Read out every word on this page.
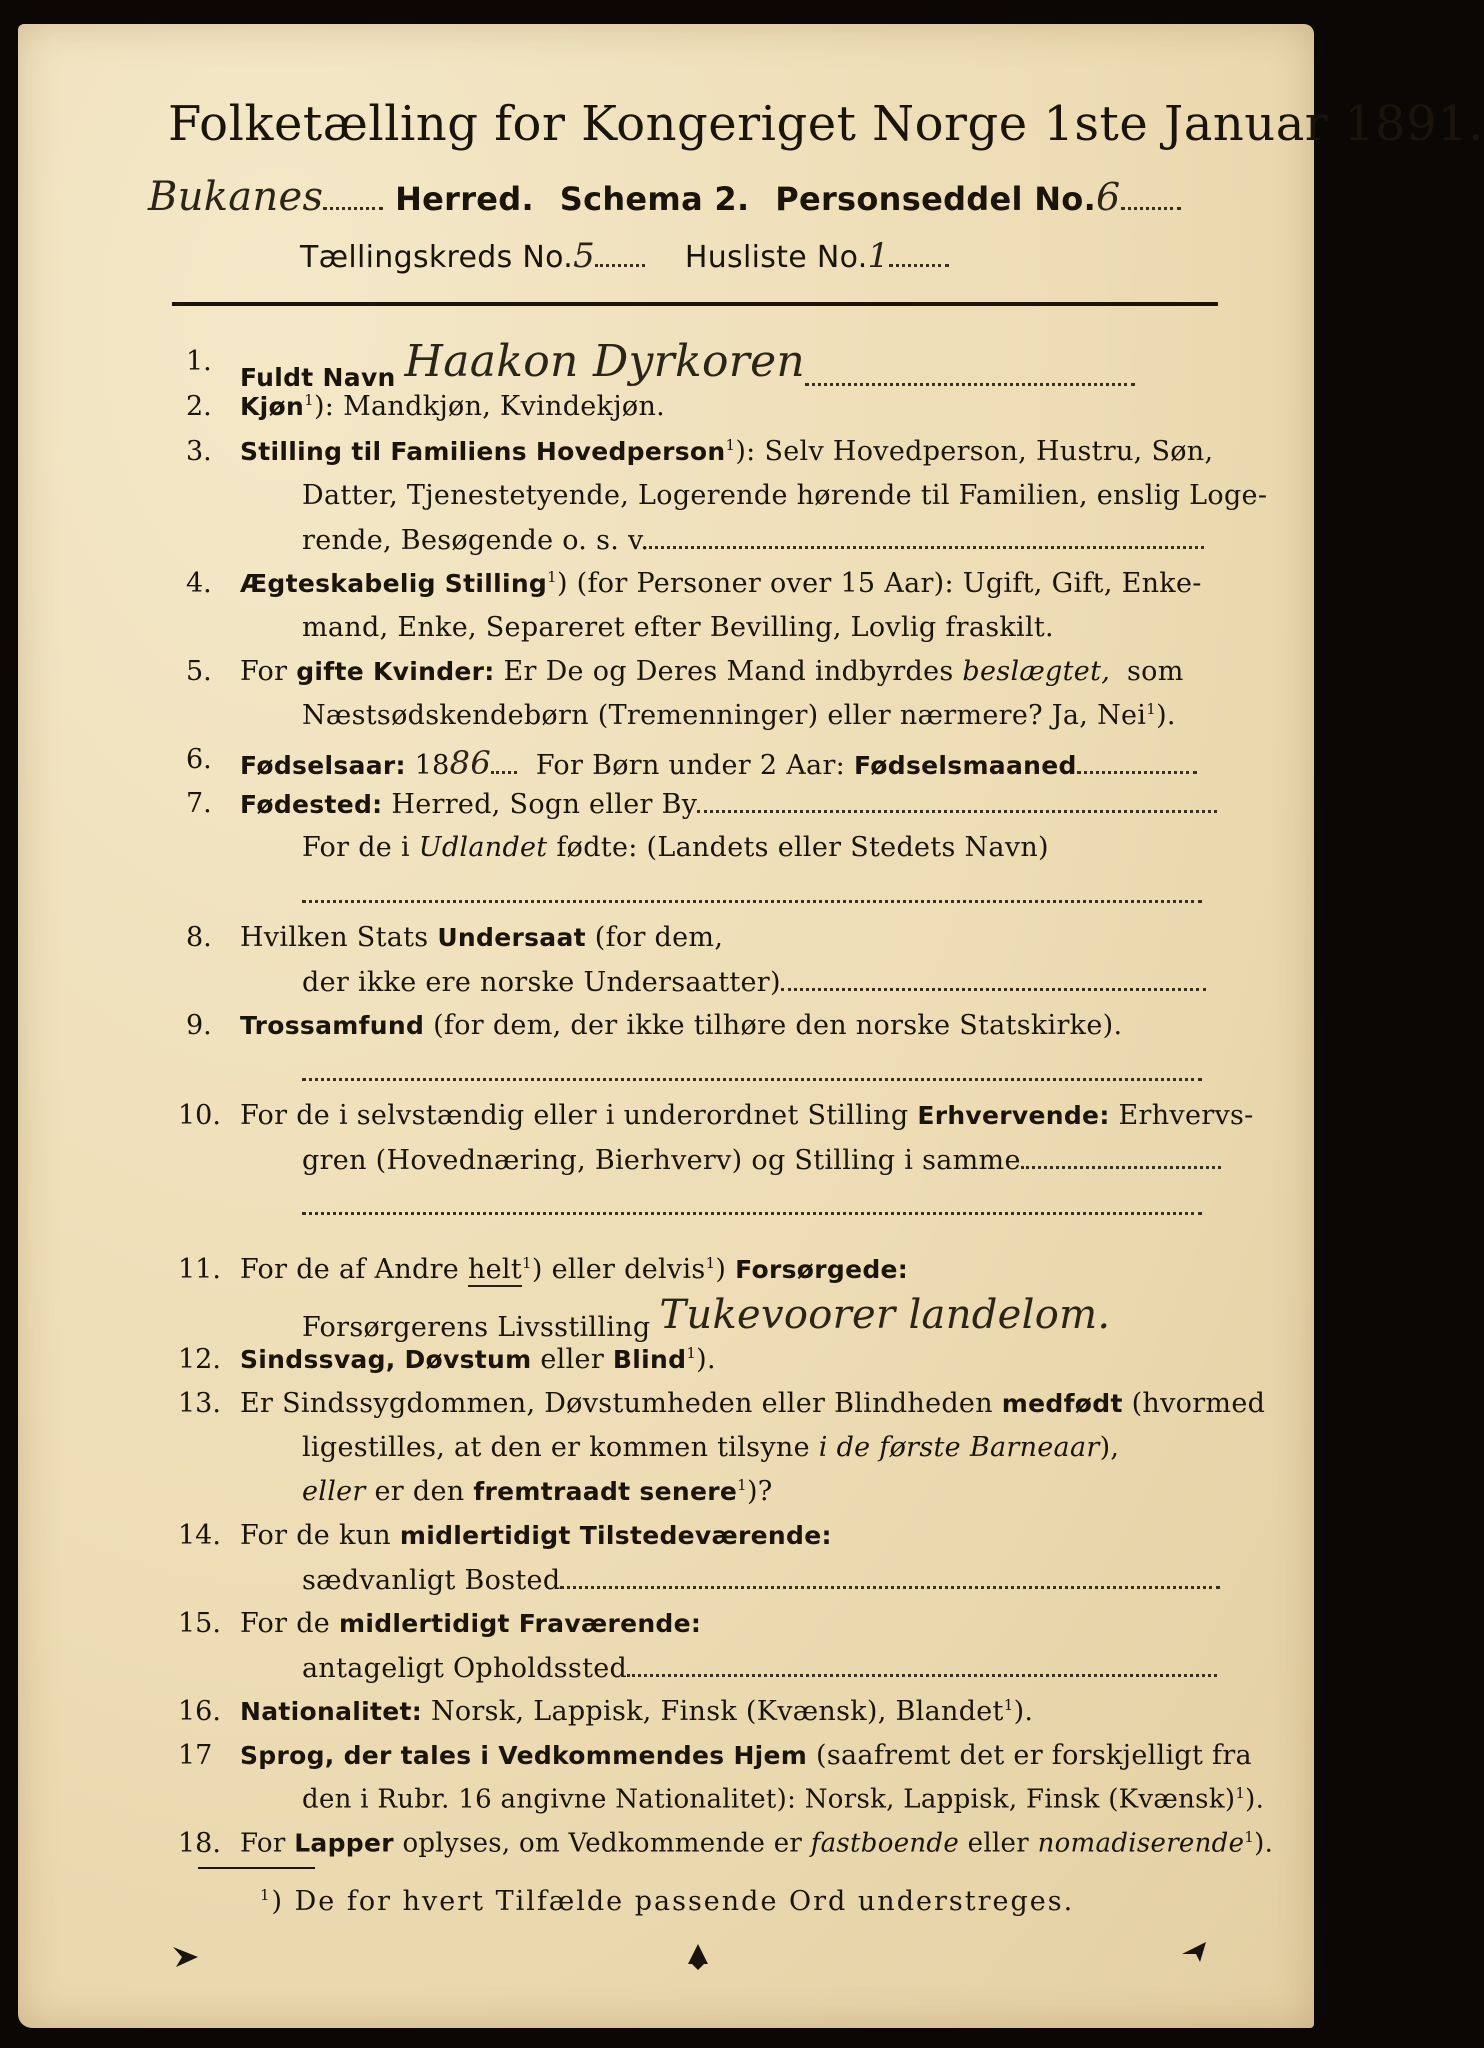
Folketælling for Kongeriget Norge 1ste Januar 1891.
Bukanes Herred. Schema 2. Personseddel No.6
Tællingskreds No.5	Husliste No.1
1.
Fuldt Navn Haakon Dyrkoren
2. Kjøn$^1$): Mandkjøn, Kvindekjøn.
3. Stilling til Familiens Hovedperson$^1$): Selv Hovedperson, Hustru, Søn,
Datter, Tjenestetyende, Logerende hørende til Familien, enslig Loge-
rende, Besøgende o. s. v.
4. Ægteskabelig Stilling$^1$) (for Personer over 15 Aar): Ugift, Gift, Enke-
mand, Enke, Separeret efter Bevilling, Lovlig fraskilt.
5. For gifte Kvinder: Er De og Deres Mand indbyrdes beslægtet, som
Næstsødskendebørn (Tremenninger) eller nærmere? Ja, Nei$^1$).
6. Fødselsaar: 1886 For Børn under 2 Aar: Fødselsmaaned
7. Fødested: Herred, Sogn eller By
For de i Udlandet fødte: (Landets eller Stedets Navn)
8. Hvilken Stats Undersaat (for dem,
der ikke ere norske Undersaatter)
9. Trossamfund (for dem, der ikke tilhøre den norske Statskirke).
10. For de i selvstændig eller i underordnet Stilling Erhvervende: Erhvervs-
gren (Hovednæring, Bierhverv) og Stilling i samme
11. For de af Andre helt$^1$) eller delvis$^1$) Forsørgede:
Forsørgerens Livsstilling Tukevoorer landelom.
12. Sindssvag, Døvstum eller Blind$^1$).
13. Er Sindssygdommen, Døvstumheden eller Blindheden medfødt (hvormed
ligestilles, at den er kommen tilsyne i de første Barneaar),
eller er den fremtraadt senere$^1$)?
14. For de kun midlertidigt Tilstedeværende:
sædvanligt Bosted
15. For de midlertidigt Fraværende:
antageligt Opholdssted
16. Nationalitet: Norsk, Lappisk, Finsk (Kvænsk), Blandet$^1$).
17 Sprog, der tales i Vedkommendes Hjem (saafremt det er forskjelligt fra
den i Rubr. 16 angivne Nationalitet): Norsk, Lappisk, Finsk (Kvænsk)$^1$).
18. For Lapper oplyses, om Vedkommende er fastboende eller nomadiserende$^1$).
$^1$) De for hvert Tilfælde passende Ord understreges.
